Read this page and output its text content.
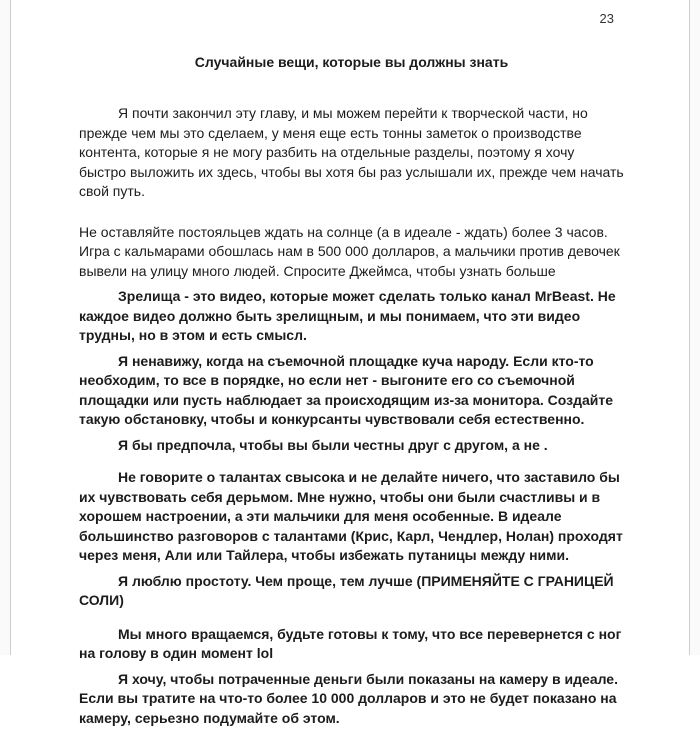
23
Случайные вещи, которые вы должны знать

Я почти закончил эту главу, и мы можем перейти к творческой части, но прежде чем мы это сделаем, у меня еще есть тонны заметок о производстве контента, которые я не могу разбить на отдельные разделы, поэтому я хочу быстро выложить их здесь, чтобы вы хотя бы раз услышали их, прежде чем начать свой путь.

Не оставляйте постояльцев ждать на солнце (а в идеале - ждать) более 3 часов. Игра с кальмарами обошлась нам в 500 000 долларов, а мальчики против девочек вывели на улицу много людей. Спросите Джеймса, чтобы узнать больше

Зрелища - это видео, которые может сделать только канал MrBeast. Не каждое видео должно быть зрелищным, и мы понимаем, что эти видео трудны, но в этом и есть смысл.

Я ненавижу, когда на съемочной площадке куча народу. Если кто-то необходим, то все в порядке, но если нет - выгоните его со съемочной площадки или пусть наблюдает за происходящим из-за монитора. Создайте такую обстановку, чтобы и конкурсанты чувствовали себя естественно.

Я бы предпочла, чтобы вы были честны друг с другом, а не .

Не говорите о талантах свысока и не делайте ничего, что заставило бы их чувствовать себя дерьмом. Мне нужно, чтобы они были счастливы и в хорошем настроении, а эти мальчики для меня особенные. В идеале большинство разговоров с талантами (Крис, Карл, Чендлер, Нолан) проходят через меня, Али или Тайлера, чтобы избежать путаницы между ними.

Я люблю простоту. Чем проще, тем лучше (ПРИМЕНЯЙТЕ С ГРАНИЦЕЙ СОЛИ)

Мы много вращаемся, будьте готовы к тому, что все перевернется с ног на голову в один момент lol

Я хочу, чтобы потраченные деньги были показаны на камеру в идеале. Если вы тратите на что-то более 10 000 долларов и это не будет показано на камеру, серьезно подумайте об этом.
